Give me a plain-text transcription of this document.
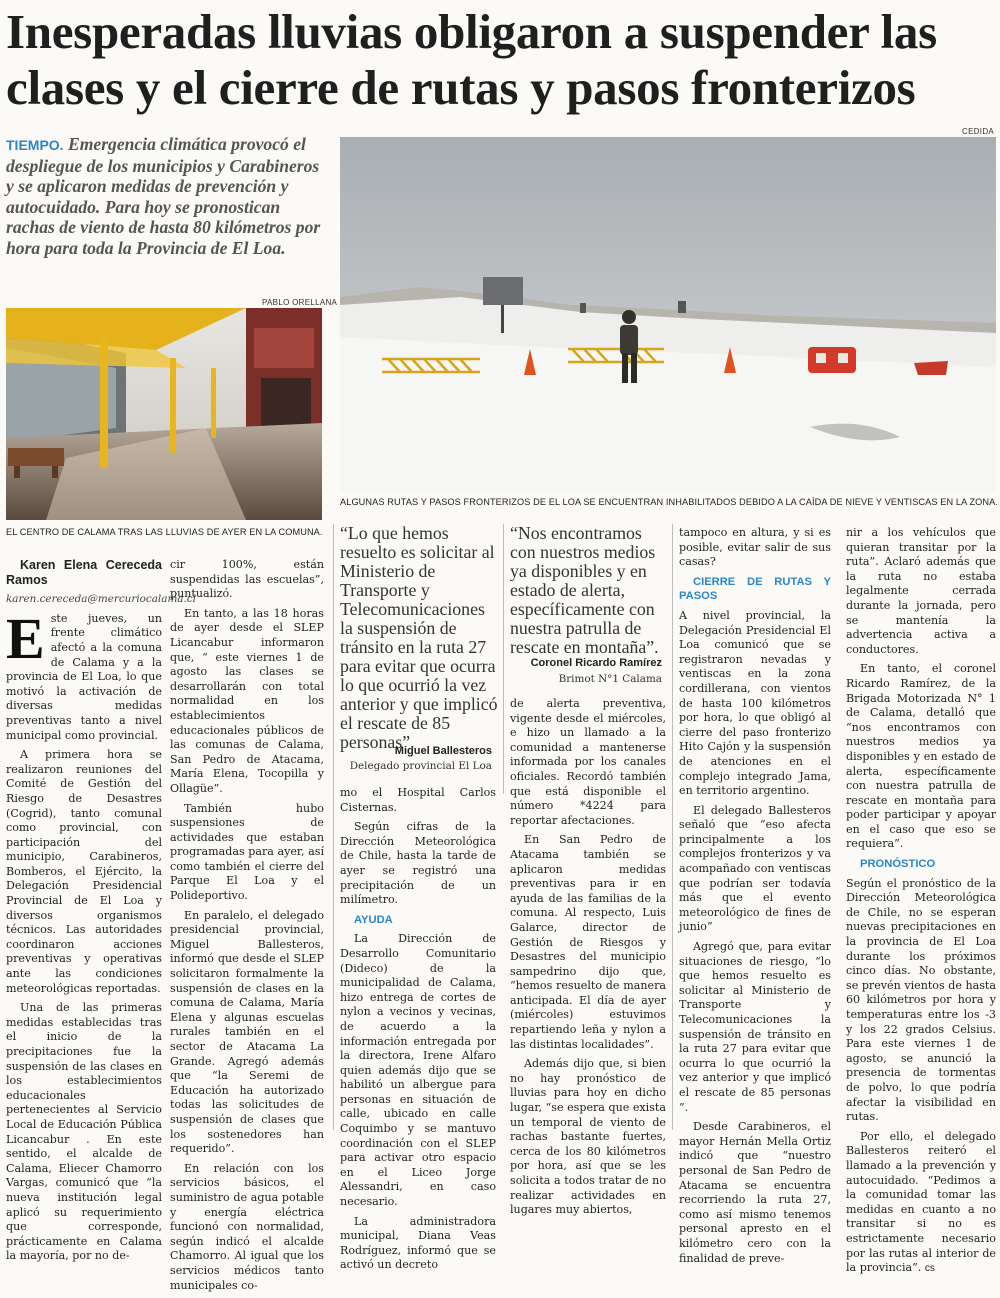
Inesperadas lluvias obligaron a suspender las clases y el cierre de rutas y pasos fronterizos

TIEMPO. Emergencia climática provocó el despliegue de los municipios y Carabineros y se aplicaron medidas de prevención y autocuidado. Para hoy se pronostican rachas de viento de hasta 80 kilómetros por hora para toda la Provincia de El Loa.

PABLO ORELLANA
EL CENTRO DE CALAMA TRAS LAS LLUVIAS DE AYER EN LA COMUNA.
CEDIDA
ALGUNAS RUTAS Y PASOS FRONTERIZOS DE EL LOA SE ENCUENTRAN INHABILITADOS DEBIDO A LA CAÍDA DE NIEVE Y VENTISCAS EN LA ZONA.

Karen Elena Cereceda Ramos

karen.cereceda@mercuriocalama.cl

Este jueves, un frente climático afectó a la comuna de Calama y a la provincia de El Loa, lo que motivó la activación de diversas medidas preventivas tanto a nivel municipal como provincial.

A primera hora se realizaron reuniones del Comité de Gestión del Riesgo de Desastres (Cogrid), tanto comunal como provincial, con participación del municipio, Carabineros, Bomberos, el Ejército, la Delegación Presidencial Provincial de El Loa y diversos organismos técnicos. Las autoridades coordinaron acciones preventivas y operativas ante las condiciones meteorológicas reportadas.

Una de las primeras medidas establecidas tras el inicio de la precipitaciones fue la suspensión de las clases en los establecimientos educacionales pertenecientes al Servicio Local de Educación Pública Licancabur . En este sentido, el alcalde de Calama, Eliecer Chamorro Vargas, comunicó que “la nueva institución legal aplicó su requerimiento que corresponde, prácticamente en Calama la mayoría, por no de-

cir 100%, están suspendidas las escuelas”, puntualizó.

En tanto, a las 18 horas de ayer desde el SLEP Licancabur informaron que, “ este viernes 1 de agosto las clases se desarrollarán con total normalidad en los establecimientos educacionales públicos de las comunas de Calama, San Pedro de Atacama, María Elena, Tocopilla y Ollagüe”.

También hubo suspensiones de actividades que estaban programadas para ayer, así como también el cierre del Parque El Loa y el Polideportivo.

En paralelo, el delegado presidencial provincial, Miguel Ballesteros, informó que desde el SLEP solicitaron formalmente la suspensión de clases en la comuna de Calama, María Elena y algunas escuelas rurales también en el sector de Atacama La Grande. Agregó además que “la Seremi de Educación ha autorizado todas las solicitudes de suspensión de clases que los sostenedores han requerido”.

En relación con los servicios básicos, el suministro de agua potable y energía eléctrica funcionó con normalidad, según indicó el alcalde Chamorro. Al igual que los servicios médicos tanto municipales co-

“Lo que hemos resuelto es solicitar al Ministerio de Transporte y Telecomunicaciones la suspensión de tránsito en la ruta 27 para evitar que ocurra lo que ocurrió la vez anterior y que implicó el rescate de 85 personas”.
Miguel Ballesteros
Delegado provincial El Loa
“Nos encontramos con nuestros medios ya disponibles y en estado de alerta, específicamente con nuestra patrulla de rescate en montaña”.
Coronel Ricardo Ramírez
Brimot N°1 Calama

mo el Hospital Carlos Cisternas.

Según cifras de la Dirección Meteorológica de Chile, hasta la tarde de ayer se registró una precipitación de un milímetro.

AYUDA

La Dirección de Desarrollo Comunitario (Dideco) de la municipalidad de Calama, hizo entrega de cortes de nylon a vecinos y vecinas, de acuerdo a la información entregada por la directora, Irene Alfaro quien además dijo que se habilitó un albergue para personas en situación de calle, ubicado en calle Coquimbo y se mantuvo coordinación con el SLEP para activar otro espacio en el Liceo Jorge Alessandri, en caso necesario.

La administradora municipal, Diana Veas Rodríguez, informó que se activó un decreto

de alerta preventiva, vigente desde el miércoles, e hizo un llamado a la comunidad a mantenerse informada por los canales oficiales. Recordó también que está disponible el número *4224 para reportar afectaciones.

En San Pedro de Atacama también se aplicaron medidas preventivas para ir en ayuda de las familias de la comuna. Al respecto, Luis Galarce, director de Gestión de Riesgos y Desastres del municipio sampedrino dijo que, “hemos resuelto de manera anticipada. El día de ayer (miércoles) estuvimos repartiendo leña y nylon a las distintas localidades”.

Además dijo que, si bien no hay pronóstico de lluvias para hoy en dicho lugar, “se espera que exista un temporal de viento de rachas bastante fuertes, cerca de los 80 kilómetros por hora, así que se les solicita a todos tratar de no realizar actividades en lugares muy abiertos,

tampoco en altura, y si es posible, evitar salir de sus casas?

CIERRE DE RUTAS Y PASOS

A nivel provincial, la Delegación Presidencial El Loa comunicó que se registraron nevadas y ventiscas en la zona cordillerana, con vientos de hasta 100 kilómetros por hora, lo que obligó al cierre del paso fronterizo Hito Cajón y la suspensión de atenciones en el complejo integrado Jama, en territorio argentino.

El delegado Ballesteros señaló que “eso afecta principalmente a los complejos fronterizos y va acompañado con ventiscas que podrían ser todavía más que el evento meteorológico de fines de junio”

Agregó que, para evitar situaciones de riesgo, “lo que hemos resuelto es solicitar al Ministerio de Transporte y Telecomunicaciones la suspensión de tránsito en la ruta 27 para evitar que ocurra lo que ocurrió la vez anterior y que implicó el rescate de 85 personas ”.

Desde Carabineros, el mayor Hernán Mella Ortiz indicó que “nuestro personal de San Pedro de Atacama se encuentra recorriendo la ruta 27, como así mismo tenemos personal apresto en el kilómetro cero con la finalidad de preve-

nir a los vehículos que quieran transitar por la ruta”. Aclaró además que la ruta no estaba legalmente cerrada durante la jornada, pero se mantenía la advertencia activa a conductores.

En tanto, el coronel Ricardo Ramírez, de la Brigada Motorizada N° 1 de Calama, detalló que “nos encontramos con nuestros medios ya disponibles y en estado de alerta, específicamente con nuestra patrulla de rescate en montaña para poder participar y apoyar en el caso que eso se requiera”.

PRONÓSTICO

Según el pronóstico de la Dirección Meteorológica de Chile, no se esperan nuevas precipitaciones en la provincia de El Loa durante los próximos cinco días. No obstante, se prevén vientos de hasta 60 kilómetros por hora y temperaturas entre los -3 y los 22 grados Celsius. Para este viernes 1 de agosto, se anunció la presencia de tormentas de polvo, lo que podría afectar la visibilidad en rutas.

Por ello, el delegado Ballesteros reiteró el llamado a la prevención y autocuidado. “Pedimos a la comunidad tomar las medidas en cuanto a no transitar si no es estrictamente necesario por las rutas al interior de la provincia”. cs
